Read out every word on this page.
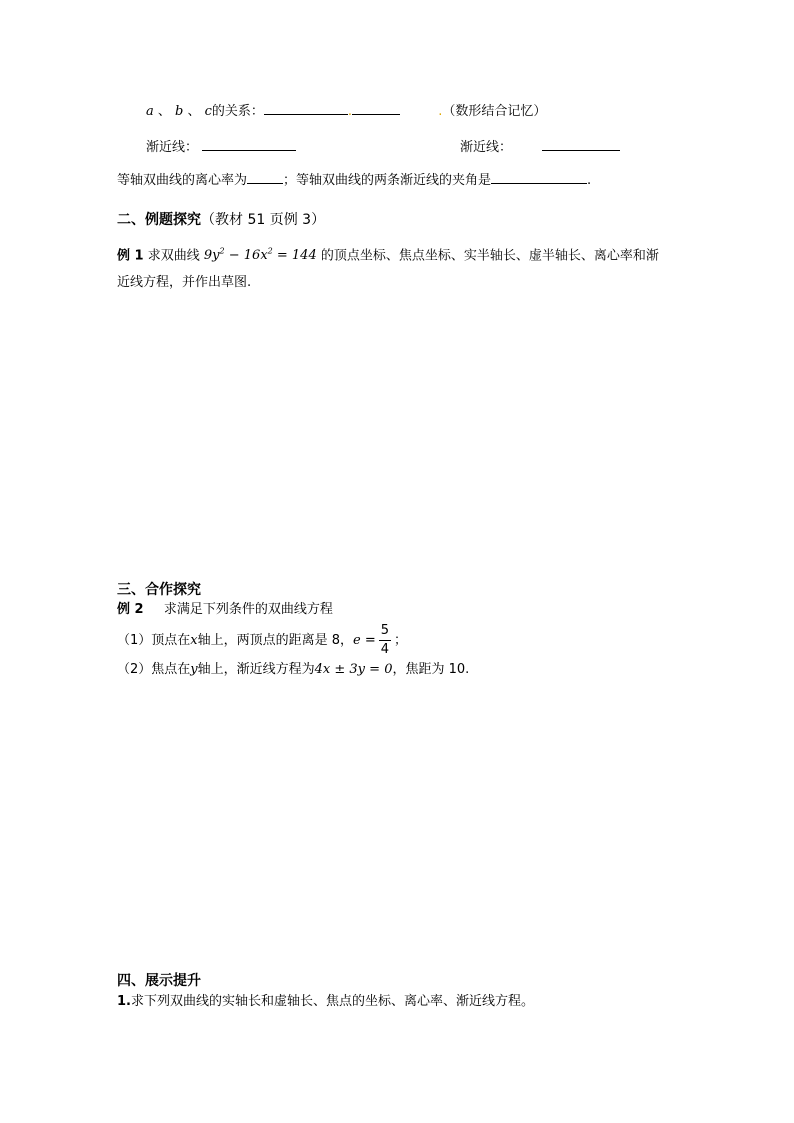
a 、 b 、 c的关系：	.	.（数形结合记忆）
渐近线：	渐近线：
等轴双曲线的离心率为	；等轴双曲线的两条渐近线的夹角是	.
二、例题探究（教材 51 页例 3）
例 1 求双曲线 $9y^2 - 16x^2 = 144$ 的顶点坐标、焦点坐标、实半轴长、虚半轴长、离心率和渐
近线方程，并作出草图.
三、合作探究
例 2 求满足下列条件的双曲线方程
（1）顶点在x轴上，两顶点的距离是 8，$e = \frac{5}{4}$ ；
（2）焦点在y轴上，渐近线方程为4x ± 3y = 0，焦距为 10.
四、展示提升
1.求下列双曲线的实轴长和虚轴长、焦点的坐标、离心率、渐近线方程。
